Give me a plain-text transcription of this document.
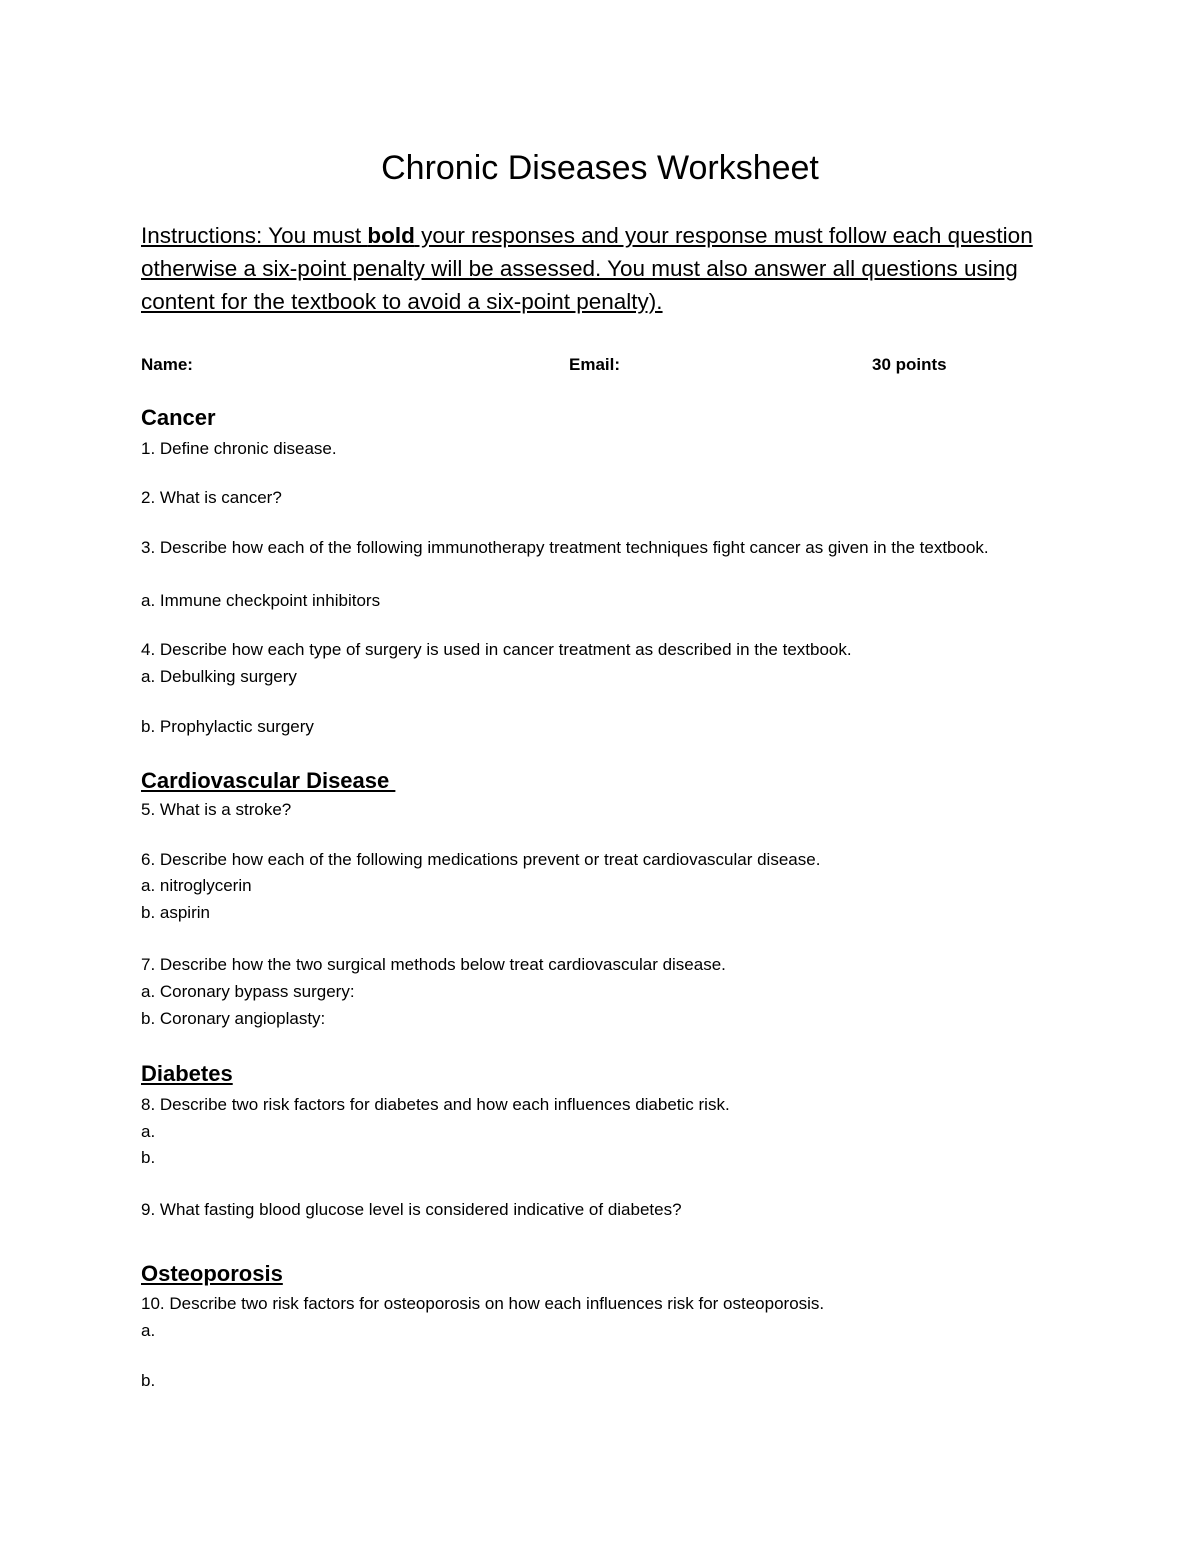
Chronic Diseases Worksheet
Instructions: You must bold your responses and your response must follow each question otherwise a six-point penalty will be assessed. You must also answer all questions using content for the textbook to avoid a six-point penalty).
Name:	Email:	30 points
Cancer
1. Define chronic disease.
2. What is cancer?
3. Describe how each of the following immunotherapy treatment techniques fight cancer as given in the textbook.
a. Immune checkpoint inhibitors
4. Describe how each type of surgery is used in cancer treatment as described in the textbook.
a. Debulking surgery
b. Prophylactic surgery
Cardiovascular Disease
5. What is a stroke?
6. Describe how each of the following medications prevent or treat cardiovascular disease.
a. nitroglycerin
b. aspirin
7. Describe how the two surgical methods below treat cardiovascular disease.
a. Coronary bypass surgery:
b. Coronary angioplasty:
Diabetes
8. Describe two risk factors for diabetes and how each influences diabetic risk.
a.
b.
9. What fasting blood glucose level is considered indicative of diabetes?
Osteoporosis
10. Describe two risk factors for osteoporosis on how each influences risk for osteoporosis.
a.
b.
